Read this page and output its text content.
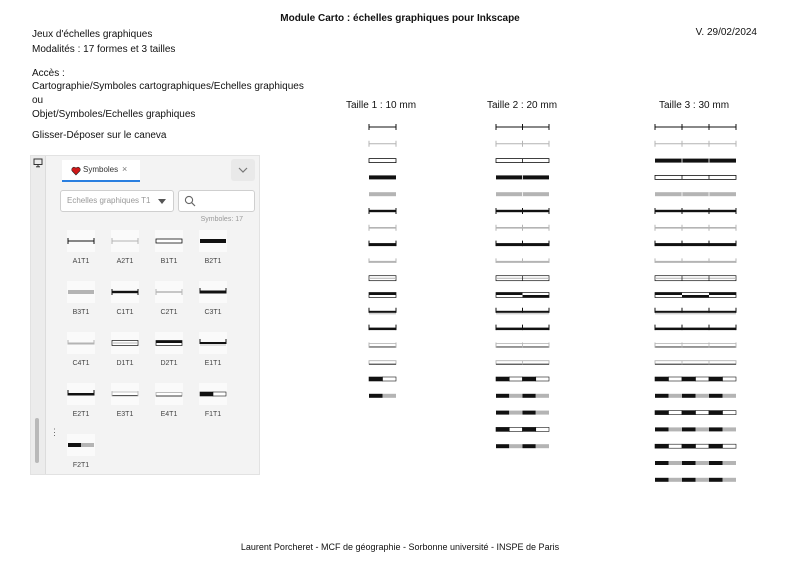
Module Carto : échelles graphiques pour Inkscape
V. 29/02/2024
Jeux d'échelles graphiques
Modalités : 17 formes et 3 tailles
Accès :
Cartographie/Symboles cartographiques/Echelles graphiques
ou
Objet/Symboles/Echelles graphiques
Glisser-Déposer sur le caneva
⋮
Symboles ×
Echelles graphiques T1
Symboles: 17
A1T1	A2T1	B1T1	B2T1
B3T1	C1T1	C2T1	C3T1
C4T1	D1T1	D2T1	E1T1
E2T1	E3T1	E4T1	F1T1
F2T1
Taille 1 : 10 mm	Taille 2 : 20 mm	Taille 3 : 30 mm
Laurent Porcheret - MCF de géographie - Sorbonne université - INSPE de Paris
